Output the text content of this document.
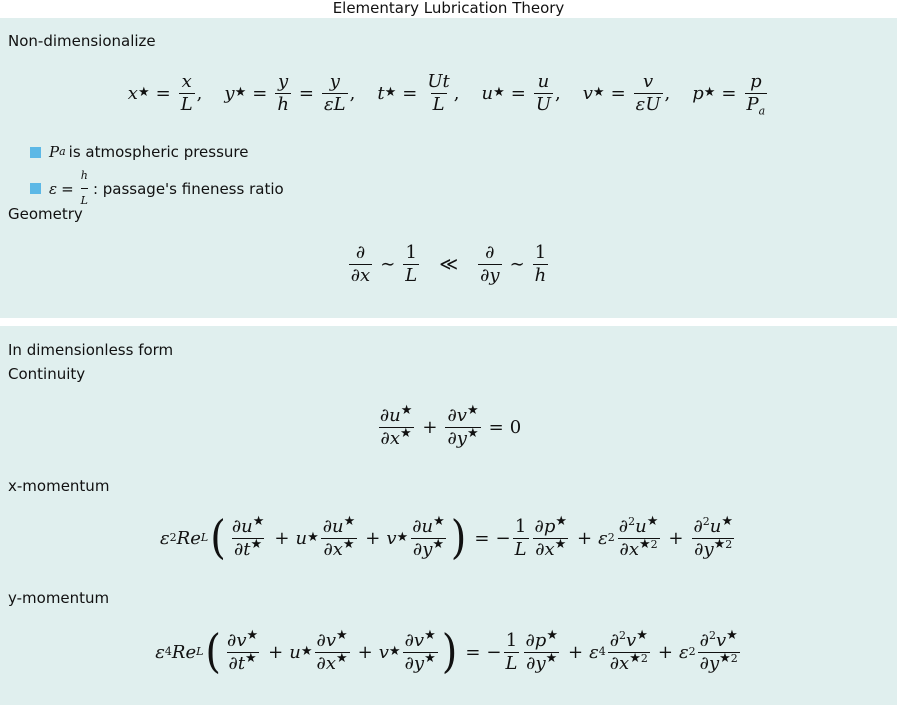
Elementary Lubrication Theory
Non-dimensionalize
x ★ = $\frac{x}{L}$ , y ★ = $\frac{y}{h} = \frac{y}{\varepsilon L}$ , t ★ = $\frac{Ut}{L}$ , u ★ = $\frac{u}{U}$ , v ★ = $\frac{v}{\varepsilon U}$ , p ★ = $\frac{p}{P_a}$
P a is atmospheric pressure
$\varepsilon = \frac{h}{L}$ : passage's fineness ratio
Geometry
$\frac{\partial}{\partial x}$ ∼ $\frac{1}{L}$ ≪ $\frac{\partial}{\partial y}$ ∼ $\frac{1}{h}$
In dimensionless form
Continuity
$\frac{\partial u^★}{\partial x^★} + \frac{\partial v^★}{\partial y^★} = 0$
x-momentum
ε 2 Re L ( $\frac{\partial u^★}{\partial t^★} + u$ ★ $\frac{\partial u^★}{\partial x^★} + v$ ★ $\frac{\partial u^★}{\partial y^★}$ ) = − $\frac{1}{L} \frac{\partial p^★}{\partial x^★} + \varepsilon$ $2 \frac{\partial^2u^★}{\partial x^{★2}} + \frac{\partial^2u^★}{\partial y^{★2}}$
y-momentum
ε 4 Re L ( $\frac{\partial v^★}{\partial t^★} + u$ ★ $\frac{\partial v^★}{\partial x^★} + v$ ★ $\frac{\partial v^★}{\partial y^★}$ ) = − $\frac{1}{L} \frac{\partial p^★}{\partial y^★} + \varepsilon$ $4 \frac{\partial^2v^★}{\partial x^{★2}} + \varepsilon$ $2 \frac{\partial^2v^★}{\partial y^{★2}}$
